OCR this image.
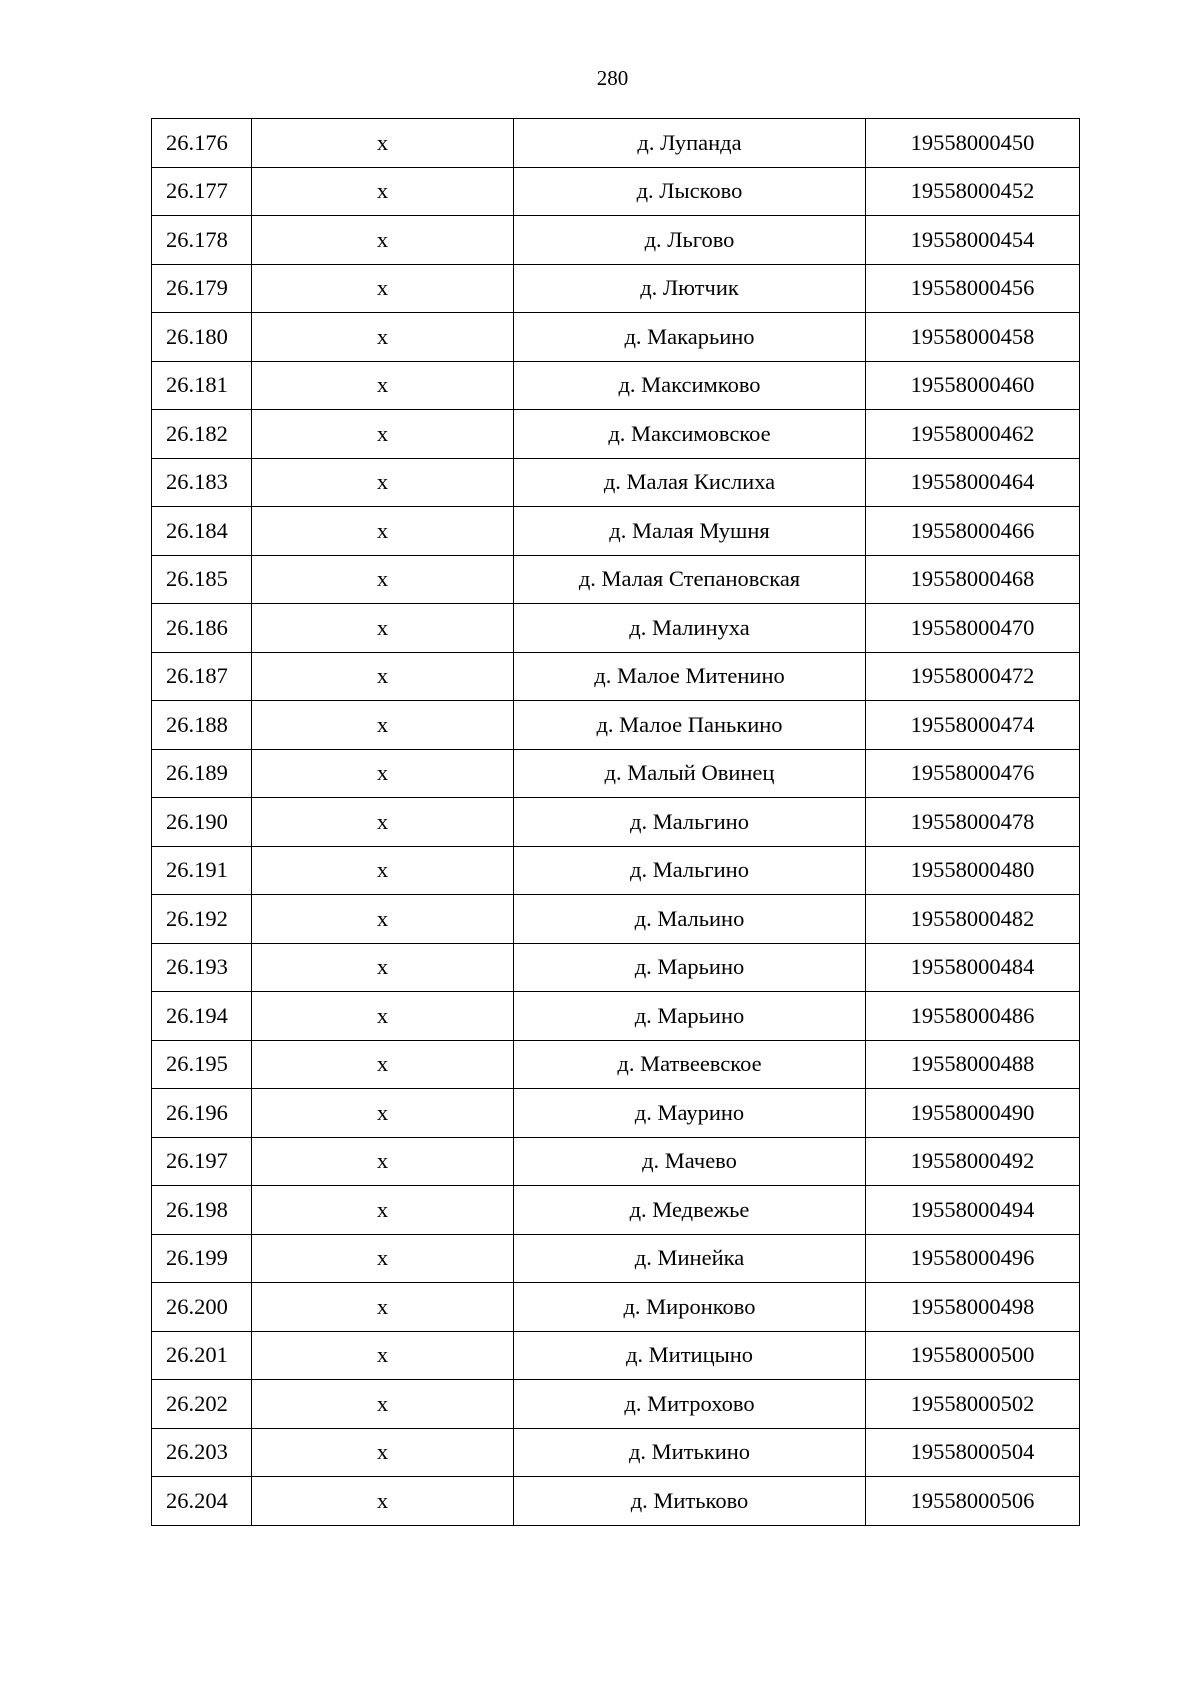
280
26.176	х	д. Лупанда	19558000450
26.177	х	д. Лысково	19558000452
26.178	х	д. Льгово	19558000454
26.179	х	д. Лютчик	19558000456
26.180	х	д. Макарьино	19558000458
26.181	х	д. Максимково	19558000460
26.182	х	д. Максимовское	19558000462
26.183	х	д. Малая Кислиха	19558000464
26.184	х	д. Малая Мушня	19558000466
26.185	х	д. Малая Степановская	19558000468
26.186	х	д. Малинуха	19558000470
26.187	х	д. Малое Митенино	19558000472
26.188	х	д. Малое Панькино	19558000474
26.189	х	д. Малый Овинец	19558000476
26.190	х	д. Мальгино	19558000478
26.191	х	д. Мальгино	19558000480
26.192	х	д. Мальино	19558000482
26.193	х	д. Марьино	19558000484
26.194	х	д. Марьино	19558000486
26.195	х	д. Матвеевское	19558000488
26.196	х	д. Маурино	19558000490
26.197	х	д. Мачево	19558000492
26.198	х	д. Медвежье	19558000494
26.199	х	д. Минейка	19558000496
26.200	х	д. Миронково	19558000498
26.201	х	д. Митицыно	19558000500
26.202	х	д. Митрохово	19558000502
26.203	х	д. Митькино	19558000504
26.204	х	д. Митьково	19558000506
